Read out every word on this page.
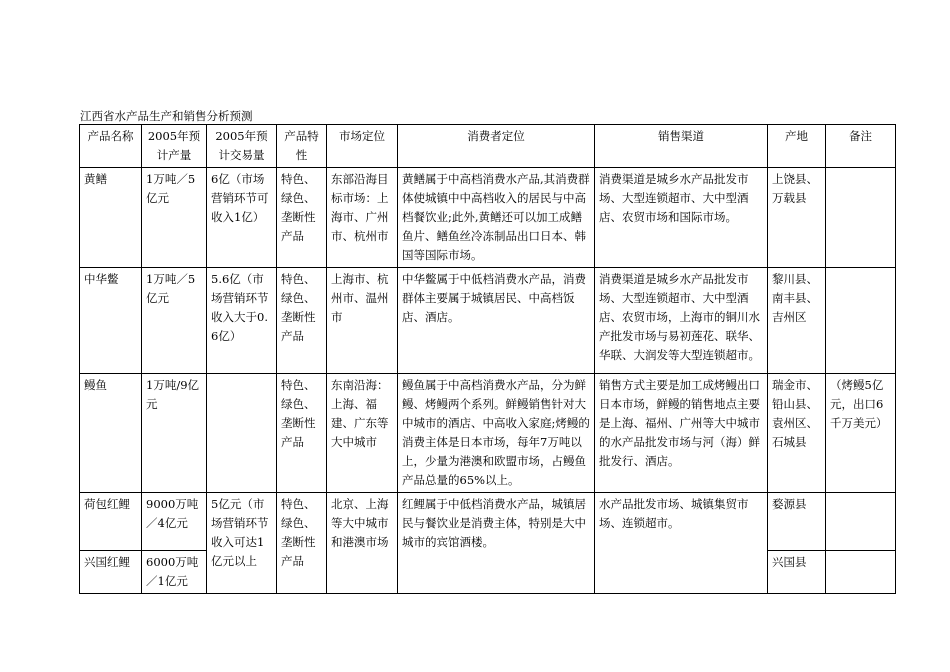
江西省水产品生产和销售分析预测
产品名称	2005年预计产量	2005年预计交易量	产品特性	市场定位	消费者定位	销售渠道	产地	备注
黄鳝	1万吨／5亿元	6亿（市场营销环节可收入1亿）	特色、绿色、垄断性产品	东部沿海目标市场：上海市、广州市、杭州市	黄鳝属于中高档消费水产品,其消费群体使城镇中中高档收入的居民与中高档餐饮业;此外,黄鳝还可以加工成鳝鱼片、鳝鱼丝冷冻制品出口日本、韩国等国际市场。	消费渠道是城乡水产品批发市场、大型连锁超市、大中型酒店、农贸市场和国际市场。	上饶县、万载县	
中华鳖	1万吨／5亿元	5.6亿（市场营销环节收入大于0.6亿）	特色、绿色、垄断性产品	上海市、杭州市、温州市	中华鳖属于中低档消费水产品，消费群体主要属于城镇居民、中高档饭店、酒店。	消费渠道是城乡水产品批发市场、大型连锁超市、大中型酒店、农贸市场，上海市的铜川水产批发市场与易初莲花、联华、华联、大润发等大型连锁超市。	黎川县、南丰县、吉州区	
鳗鱼	1万吨/9亿元		特色、绿色、垄断性产品	东南沿海：上海、福建、广东等大中城市	鳗鱼属于中高档消费水产品，分为鲜鳗、烤鳗两个系列。鲜鳗销售针对大中城市的酒店、中高收入家庭;烤鳗的消费主体是日本市场，每年7万吨以上，少量为港澳和欧盟市场，占鳗鱼产品总量的65%以上。	销售方式主要是加工成烤鳗出口日本市场，鲜鳗的销售地点主要是上海、福州、广州等大中城市的水产品批发市场与河（海）鲜批发行、酒店。	瑞金市、铅山县、袁州区、石城县	（烤鳗5亿元，出口6千万美元）
荷包红鲤	9000万吨／4亿元	5亿元（市场营销环节收入可达1亿元以上	特色、绿色、垄断性产品	北京、上海等大中城市和港澳市场	红鲤属于中低档消费水产品，城镇居民与餐饮业是消费主体，特别是大中城市的宾馆酒楼。	水产品批发市场、城镇集贸市场、连锁超市。	婺源县	
兴国红鲤	6000万吨／1亿元						兴国县	
